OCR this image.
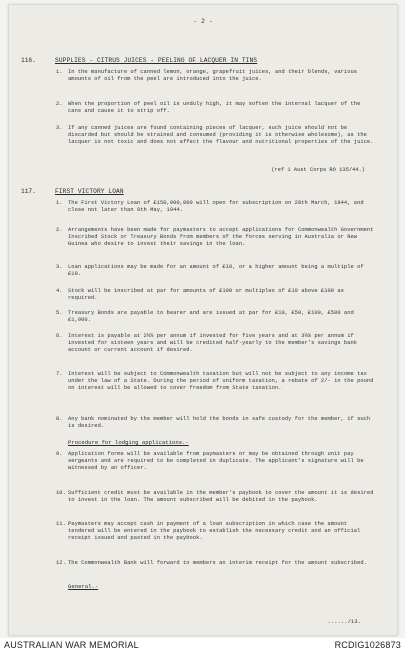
- 2 -
116.	SUPPLIES - CITRUS JUICES - PEELING OF LACQUER IN TINS
1. In the manufacture of canned lemon, orange, grapefruit juices, and their blends, various amounts of oil from the peel are introduced into the juice.
2. When the proportion of peel oil is unduly high, it may soften the internal lacquer of the cans and cause it to strip off.
3. If any canned juices are found containing pieces of lacquer, such juice should not be discarded but should be strained and consumed (providing it is otherwise wholesome), as the lacquer is not toxic and does not affect the flavour and nutritional properties of the juice.
(ref 1 Aust Corps RO 135/44.)
117.	FIRST VICTORY LOAN
1. The First Victory Loan of £150,000,000 will open for subscription on 28th March, 1944, and close not later than 9th May, 1944.
2. Arrangements have been made for paymasters to accept applications for Commonwealth Government Inscribed Stock or Treasury Bonds from members of the forces serving in Australia or New Guinea who desire to invest their savings in the loan.
3. Loan applications may be made for an amount of £10, or a higher amount being a multiple of £10.
4. Stock will be inscribed at par for amounts of £100 or multiples of £10 above £100 as required.
5. Treasury Bonds are payable to bearer and are issued at par for £10, £50, £100, £500 and £1,000.
6. Interest is payable at 2¼% per annum if invested for five years and at 3¼% per annum if invested for sixteen years and will be credited half-yearly to the member's savings bank account or current account if desired.
7. Interest will be subject to Commonwealth taxation but will not be subject to any income tax under the law of a State. During the period of uniform taxation, a rebate of 2/- in the pound on interest will be allowed to cover freedom from State taxation.
8. Any bank nominated by the member will hold the bonds in safe custody for the member, if such is desired.
Procedure for lodging applications.-
9. Application forms will be available from paymasters or may be obtained through unit pay sergeants and are required to be completed in duplicate. The applicant's signature will be witnessed by an officer.
10. Sufficient credit must be available in the member's paybook to cover the amount it is desired to invest in the loan. The amount subscribed will be debited in the paybook.
11. Paymasters may accept cash in payment of a loan subscription in which case the amount tendered will be entered in the paybook to establish the necessary credit and an official receipt issued and pasted in the paybook.
12. The Commonwealth Bank will forward to members an interim receipt for the amount subscribed.
General.-
....../13.
AUSTRALIAN WAR MEMORIAL	RCDIG1026873
